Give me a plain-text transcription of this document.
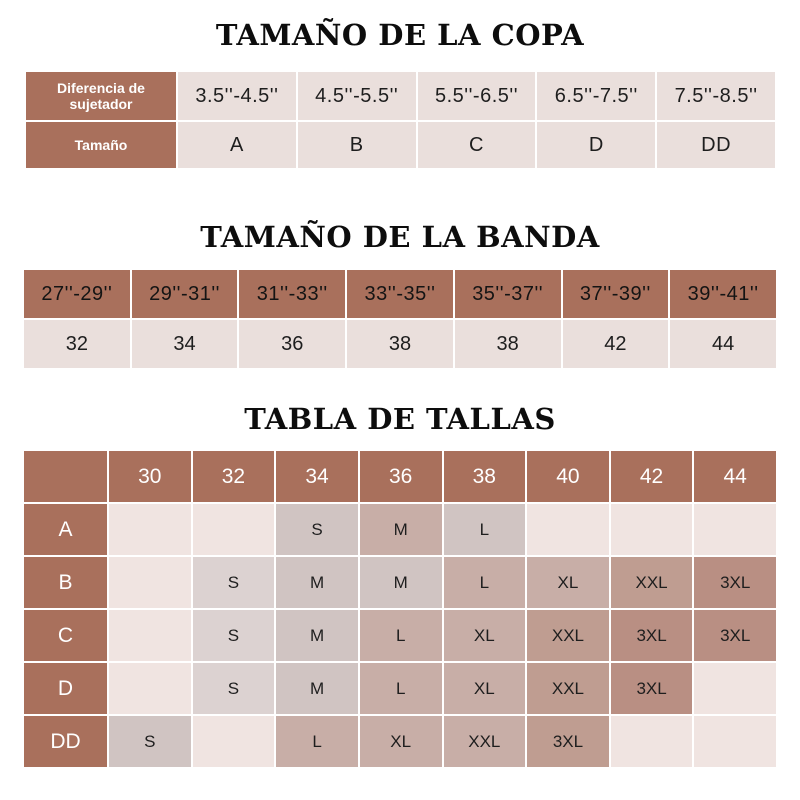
TAMAÑO DE LA COPA
Diferencia de sujetador	3.5''-4.5''	4.5''-5.5''	5.5''-6.5''	6.5''-7.5''	7.5''-8.5''
Tamaño	A	B	C	D	DD
TAMAÑO DE LA BANDA
27''-29''	29''-31''	31''-33''	33''-35''	35''-37''	37''-39''	39''-41''
32	34	36	38	38	42	44
TABLA DE TALLAS
	30	32	34	36	38	40	42	44
A			S	M	L			
B		S	M	M	L	XL	XXL	3XL
C		S	M	L	XL	XXL	3XL	3XL
D		S	M	L	XL	XXL	3XL	
DD	S		L	XL	XXL	3XL		
